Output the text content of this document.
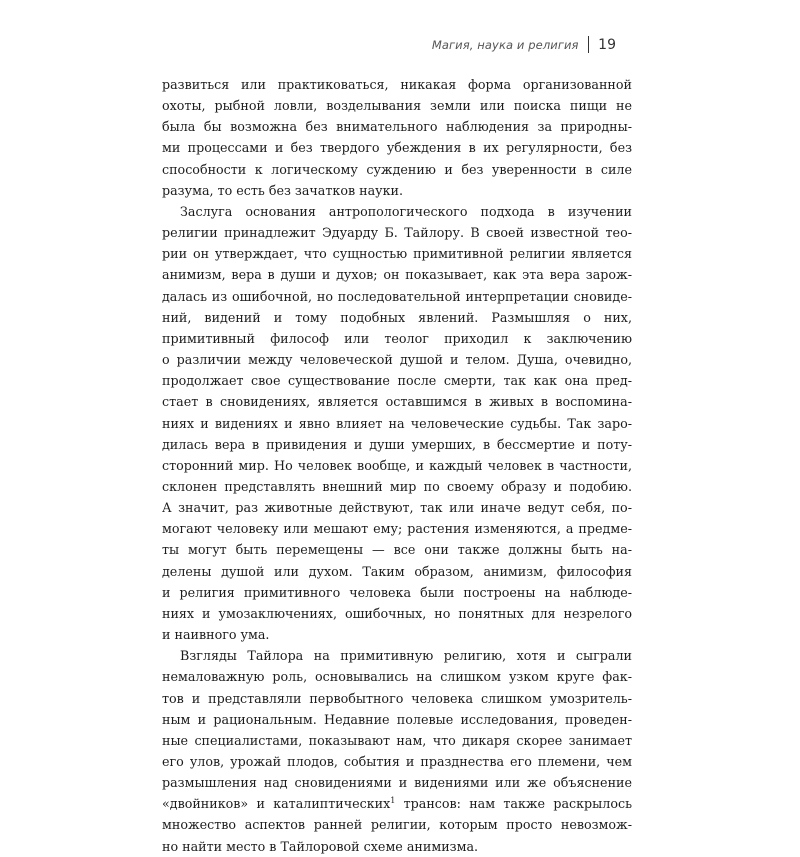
Магия, наука и религия 19
развиться или практиковаться, никакая форма организованной
охоты, рыбной ловли, возделывания земли или поиска пищи не
была бы возможна без внимательного наблюдения за природны-
ми процессами и без твердого убеждения в их регулярности, без
способности к логическому суждению и без уверенности в силе
разума, то есть без зачатков науки.
Заслуга основания антропологического подхода в изучении
религии принадлежит Эдуарду Б. Тайлору. В своей известной тео-
рии он утверждает, что сущностью примитивной религии является
анимизм, вера в души и духов; он показывает, как эта вера зарож-
далась из ошибочной, но последовательной интерпретации сновиде-
ний, видений и тому подобных явлений. Размышляя о них,
примитивный философ или теолог приходил к заключению
о различии между человеческой душой и телом. Душа, очевидно,
продолжает свое существование после смерти, так как она пред-
стает в сновидениях, является оставшимся в живых в воспомина-
ниях и видениях и явно влияет на человеческие судьбы. Так заро-
дилась вера в привидения и души умерших, в бессмертие и поту-
сторонний мир. Но человек вообще, и каждый человек в частности,
склонен представлять внешний мир по своему образу и подобию.
А значит, раз животные действуют, так или иначе ведут себя, по-
могают человеку или мешают ему; растения изменяются, а предме-
ты могут быть перемещены — все они также должны быть на-
делены душой или духом. Таким образом, анимизм, философия
и религия примитивного человека были построены на наблюде-
ниях и умозаключениях, ошибочных, но понятных для незрелого
и наивного ума.
Взгляды Тайлора на примитивную религию, хотя и сыграли
немаловажную роль, основывались на слишком узком круге фак-
тов и представляли первобытного человека слишком умозритель-
ным и рациональным. Недавние полевые исследования, проведен-
ные специалистами, показывают нам, что дикаря скорее занимает
его улов, урожай плодов, события и празднества его племени, чем
размышления над сновидениями и видениями или же объяснение
«двойников» и каталиптических$^1$ трансов: нам также раскрылось
множество аспектов ранней религии, которым просто невозмож-
но найти место в Тайлоровой схеме анимизма.
